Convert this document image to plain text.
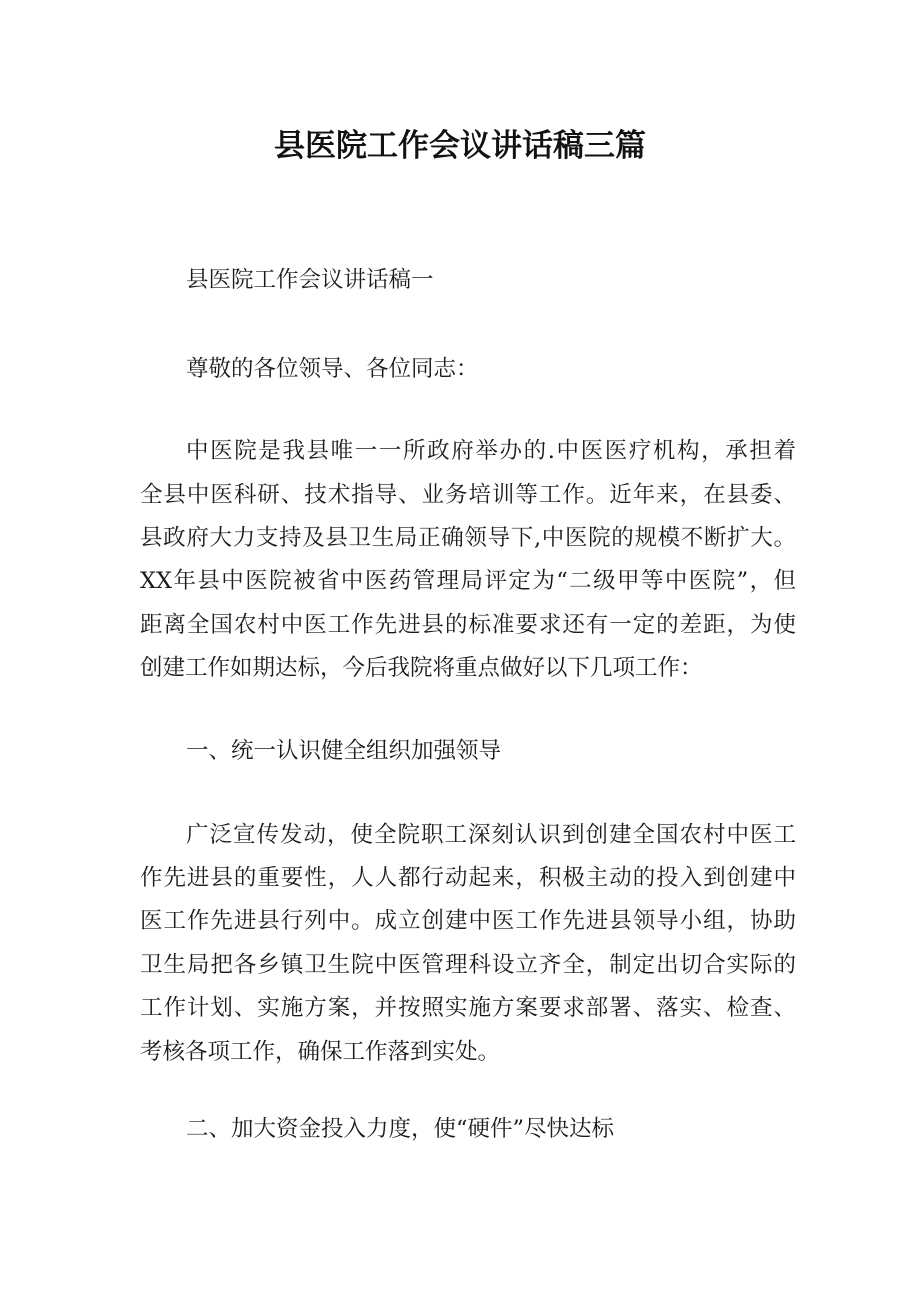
县医院工作会议讲话稿三篇
县医院工作会议讲话稿一
尊敬的各位领导、各位同志：
中医院是我县唯一一所政府举办的.中医医疗机构，承担着
全县中医科研、技术指导、业务培训等工作。近年来，在县委、
县政府大力支持及县卫生局正确领导下,中医院的规模不断扩大。
XX年县中医院被省中医药管理局评定为“二级甲等中医院”，但
距离全国农村中医工作先进县的标准要求还有一定的差距，为使
创建工作如期达标，今后我院将重点做好以下几项工作：
一、统一认识健全组织加强领导
广泛宣传发动，使全院职工深刻认识到创建全国农村中医工
作先进县的重要性，人人都行动起来，积极主动的投入到创建中
医工作先进县行列中。成立创建中医工作先进县领导小组，协助
卫生局把各乡镇卫生院中医管理科设立齐全，制定出切合实际的
工作计划、实施方案，并按照实施方案要求部署、落实、检查、
考核各项工作，确保工作落到实处。
二、加大资金投入力度，使“硬件”尽快达标
